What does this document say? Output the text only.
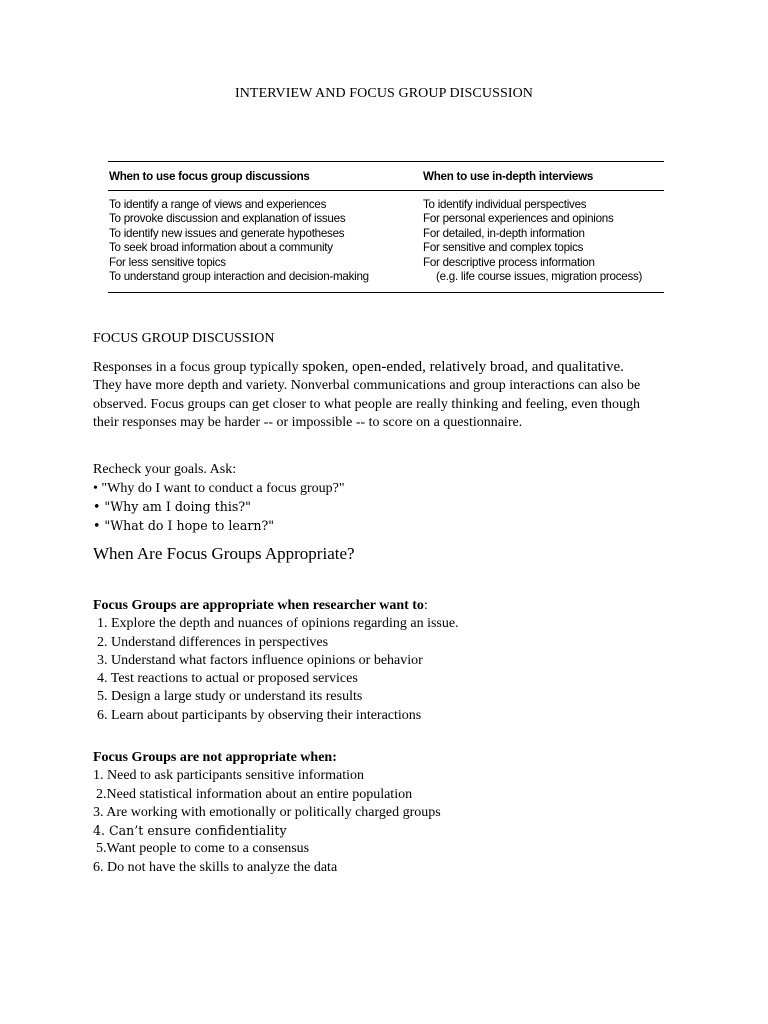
INTERVIEW AND FOCUS GROUP DISCUSSION
When to use focus group discussions	When to use in-depth interviews
To identify a range of views and experiences
To provoke discussion and explanation of issues
To identify new issues and generate hypotheses
To seek broad information about a community
For less sensitive topics
To understand group interaction and decision-making
To identify individual perspectives
For personal experiences and opinions
For detailed, in-depth information
For sensitive and complex topics
For descriptive process information
(e.g. life course issues, migration process)
FOCUS GROUP DISCUSSION
Responses in a focus group typically spoken, open-ended, relatively broad, and qualitative. They have more depth and variety. Nonverbal communications and group interactions can also be observed. Focus groups can get closer to what people are really thinking and feeling, even though their responses may be harder -- or impossible -- to score on a questionnaire.
Recheck your goals. Ask:
• "Why do I want to conduct a focus group?"
• "Why am I doing this?"
• "What do I hope to learn?"
When Are Focus Groups Appropriate?
Focus Groups are appropriate when researcher want to:
1. Explore the depth and nuances of opinions regarding an issue.
2. Understand differences in perspectives
3. Understand what factors influence opinions or behavior
4. Test reactions to actual or proposed services
5. Design a large study or understand its results
6. Learn about participants by observing their interactions
Focus Groups are not appropriate when:
1. Need to ask participants sensitive information
2.Need statistical information about an entire population
3. Are working with emotionally or politically charged groups
4. Can’t ensure confidentiality
5.Want people to come to a consensus
6. Do not have the skills to analyze the data
